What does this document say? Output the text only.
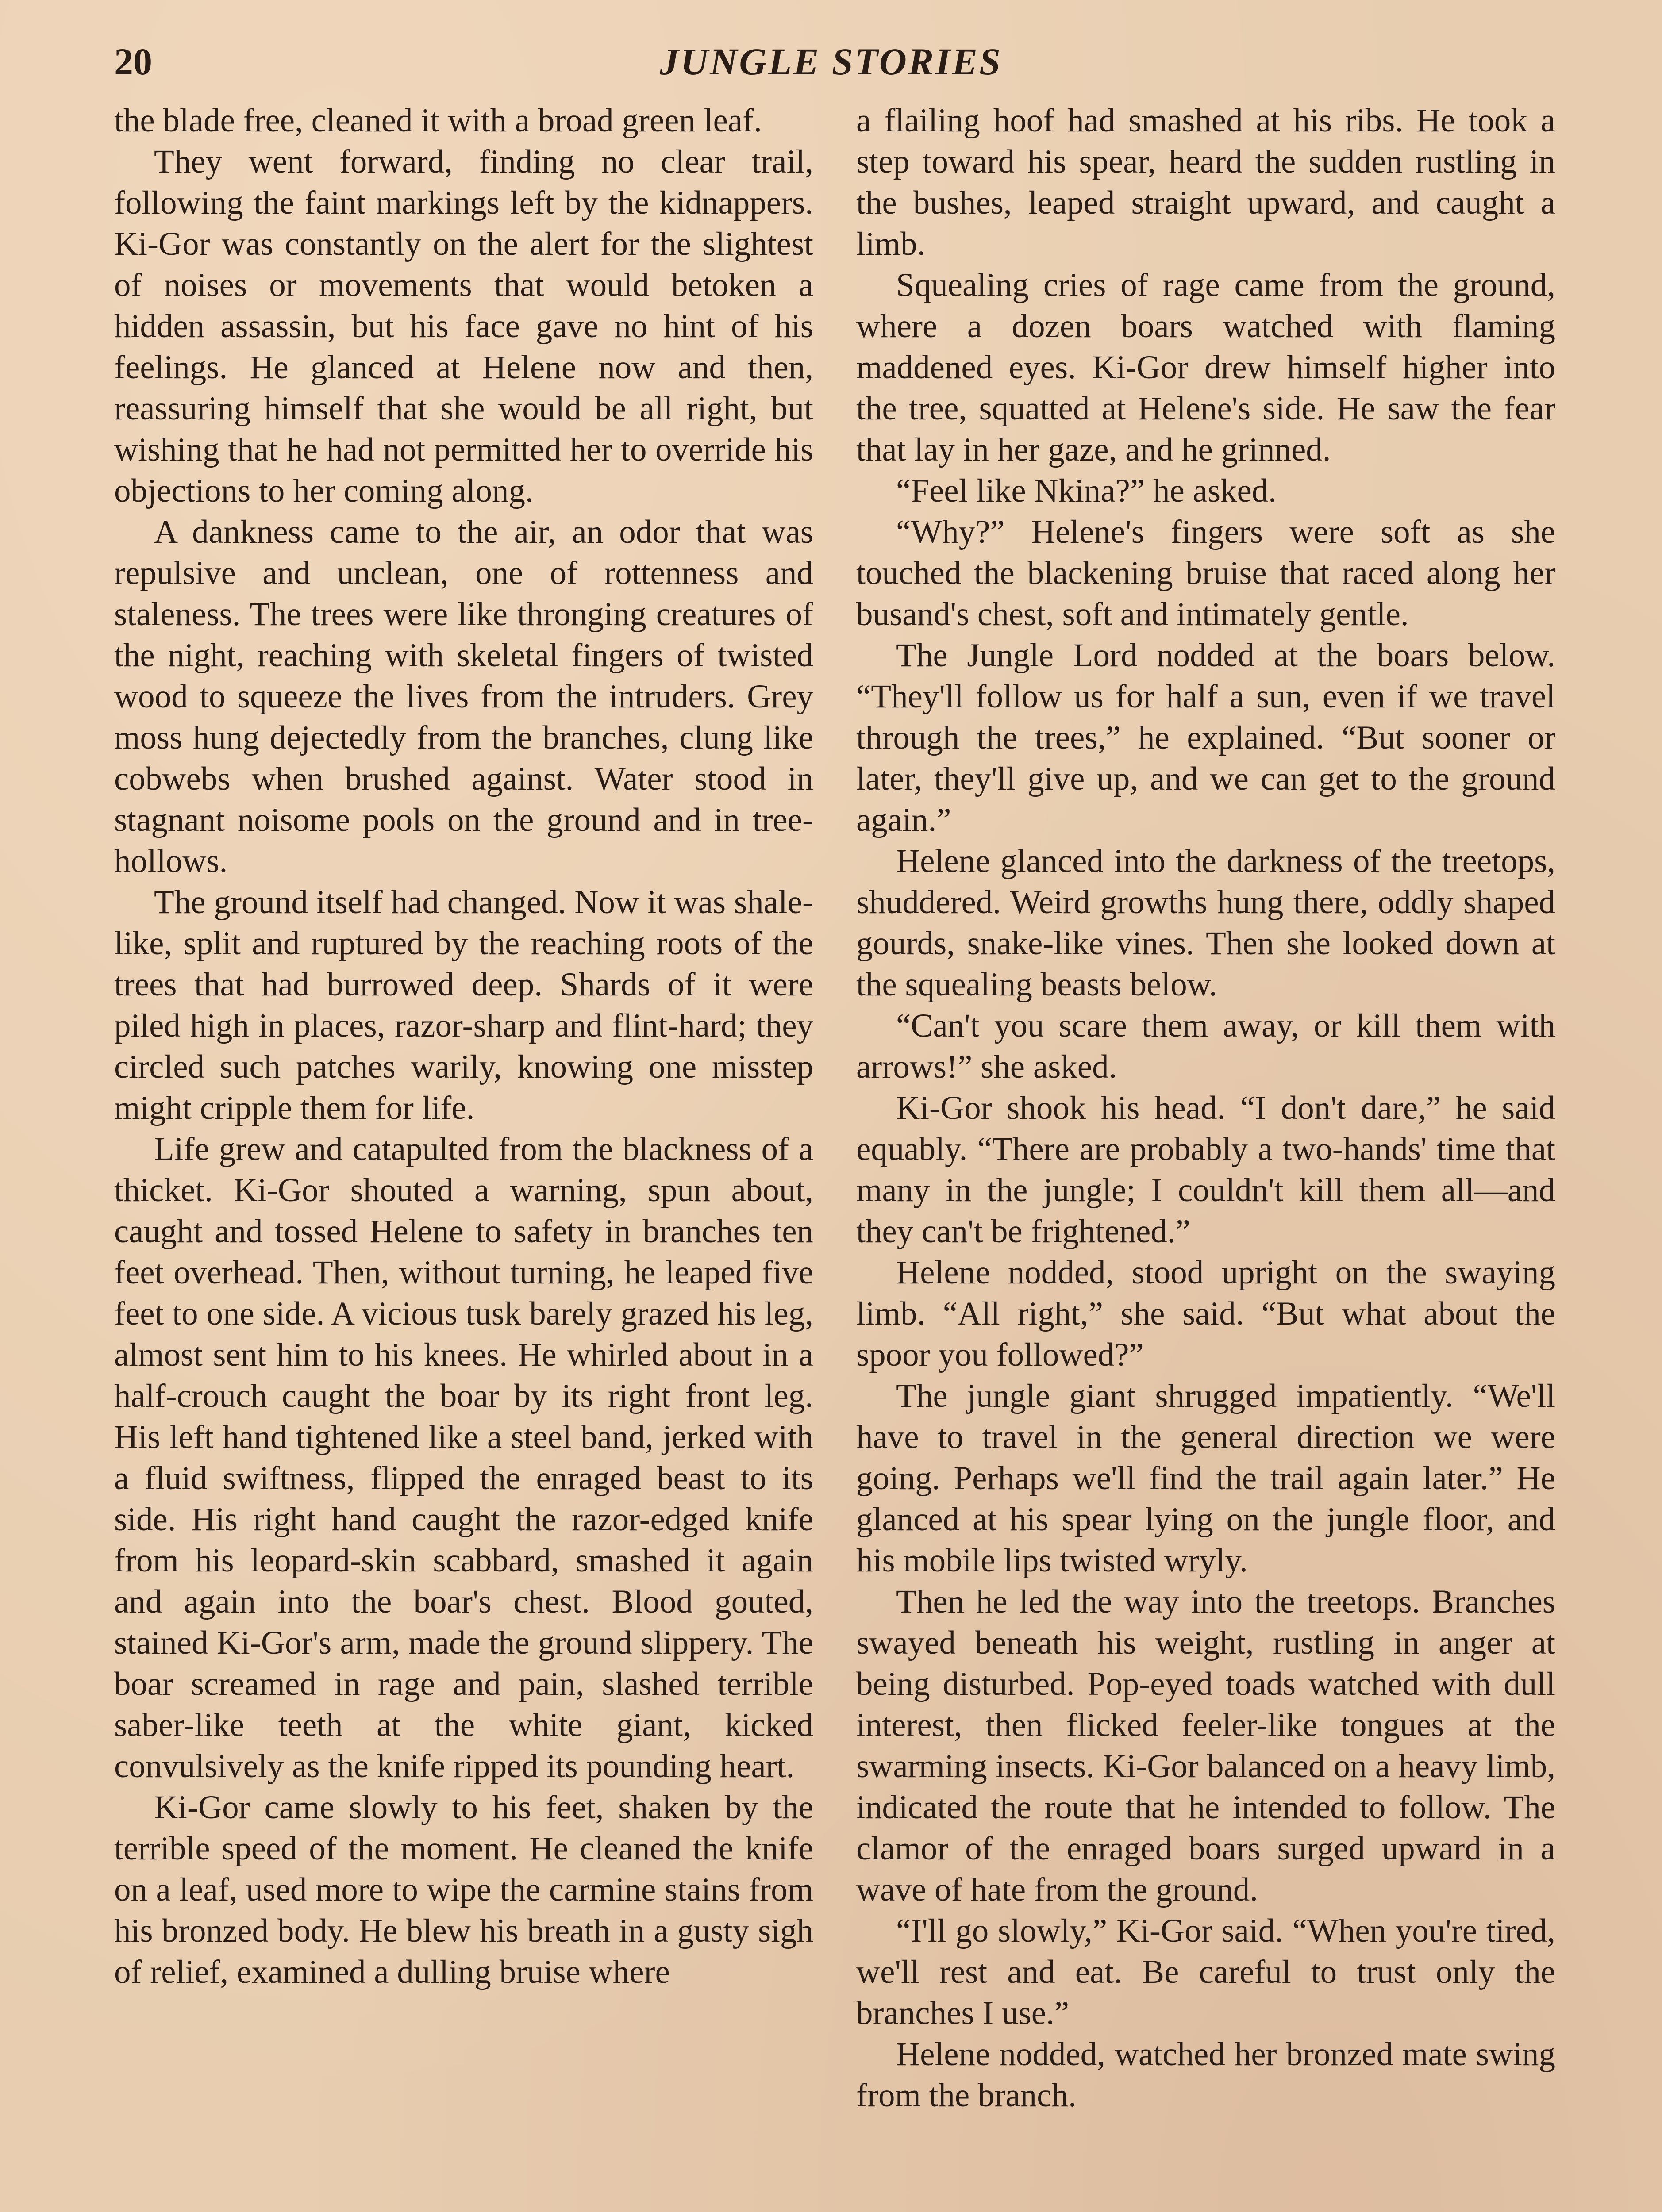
20	JUNGLE STORIES

the blade free, cleaned it with a broad green leaf.

They went forward, finding no clear trail, following the faint markings left by the kidnappers. Ki-Gor was constantly on the alert for the slightest of noises or movements that would betoken a hidden assassin, but his face gave no hint of his feelings. He glanced at Helene now and then, reassuring himself that she would be all right, but wishing that he had not permitted her to override his objections to her coming along.

A dankness came to the air, an odor that was repulsive and unclean, one of rottenness and staleness. The trees were like thronging creatures of the night, reaching with skeletal fingers of twisted wood to squeeze the lives from the intruders. Grey moss hung dejectedly from the branches, clung like cobwebs when brushed against. Water stood in stagnant noisome pools on the ground and in tree-hollows.

The ground itself had changed. Now it was shale-like, split and ruptured by the reaching roots of the trees that had burrowed deep. Shards of it were piled high in places, razor-sharp and flint-hard; they circled such patches warily, knowing one misstep might cripple them for life.

Life grew and catapulted from the blackness of a thicket. Ki-Gor shouted a warning, spun about, caught and tossed Helene to safety in branches ten feet overhead. Then, without turning, he leaped five feet to one side. A vicious tusk barely grazed his leg, almost sent him to his knees. He whirled about in a half-crouch caught the boar by its right front leg. His left hand tightened like a steel band, jerked with a fluid swiftness, flipped the enraged beast to its side. His right hand caught the razor-edged knife from his leopard-skin scabbard, smashed it again and again into the boar's chest. Blood gouted, stained Ki-Gor's arm, made the ground slippery. The boar screamed in rage and pain, slashed terrible saber-like teeth at the white giant, kicked convulsively as the knife ripped its pounding heart.

Ki-Gor came slowly to his feet, shaken by the terrible speed of the moment. He cleaned the knife on a leaf, used more to wipe the carmine stains from his bronzed body. He blew his breath in a gusty sigh of relief, examined a dulling bruise where

a flailing hoof had smashed at his ribs. He took a step toward his spear, heard the sudden rustling in the bushes, leaped straight upward, and caught a limb.

Squealing cries of rage came from the ground, where a dozen boars watched with flaming maddened eyes. Ki-Gor drew himself higher into the tree, squatted at Helene's side. He saw the fear that lay in her gaze, and he grinned.

“Feel like Nkina?” he asked.

“Why?” Helene's fingers were soft as she touched the blackening bruise that raced along her busand's chest, soft and intimately gentle.

The Jungle Lord nodded at the boars below. “They'll follow us for half a sun, even if we travel through the trees,” he explained. “But sooner or later, they'll give up, and we can get to the ground again.”

Helene glanced into the darkness of the treetops, shuddered. Weird growths hung there, oddly shaped gourds, snake-like vines. Then she looked down at the squealing beasts below.

“Can't you scare them away, or kill them with arrows!” she asked.

Ki-Gor shook his head. “I don't dare,” he said equably. “There are probably a two-hands' time that many in the jungle; I couldn't kill them all—and they can't be frightened.”

Helene nodded, stood upright on the swaying limb. “All right,” she said. “But what about the spoor you followed?”

The jungle giant shrugged impatiently. “We'll have to travel in the general direction we were going. Perhaps we'll find the trail again later.” He glanced at his spear lying on the jungle floor, and his mobile lips twisted wryly.

Then he led the way into the treetops. Branches swayed beneath his weight, rustling in anger at being disturbed. Pop-eyed toads watched with dull interest, then flicked feeler-like tongues at the swarming insects. Ki-Gor balanced on a heavy limb, indicated the route that he intended to follow. The clamor of the enraged boars surged upward in a wave of hate from the ground.

“I'll go slowly,” Ki-Gor said. “When you're tired, we'll rest and eat. Be careful to trust only the branches I use.”

Helene nodded, watched her bronzed mate swing from the branch.
